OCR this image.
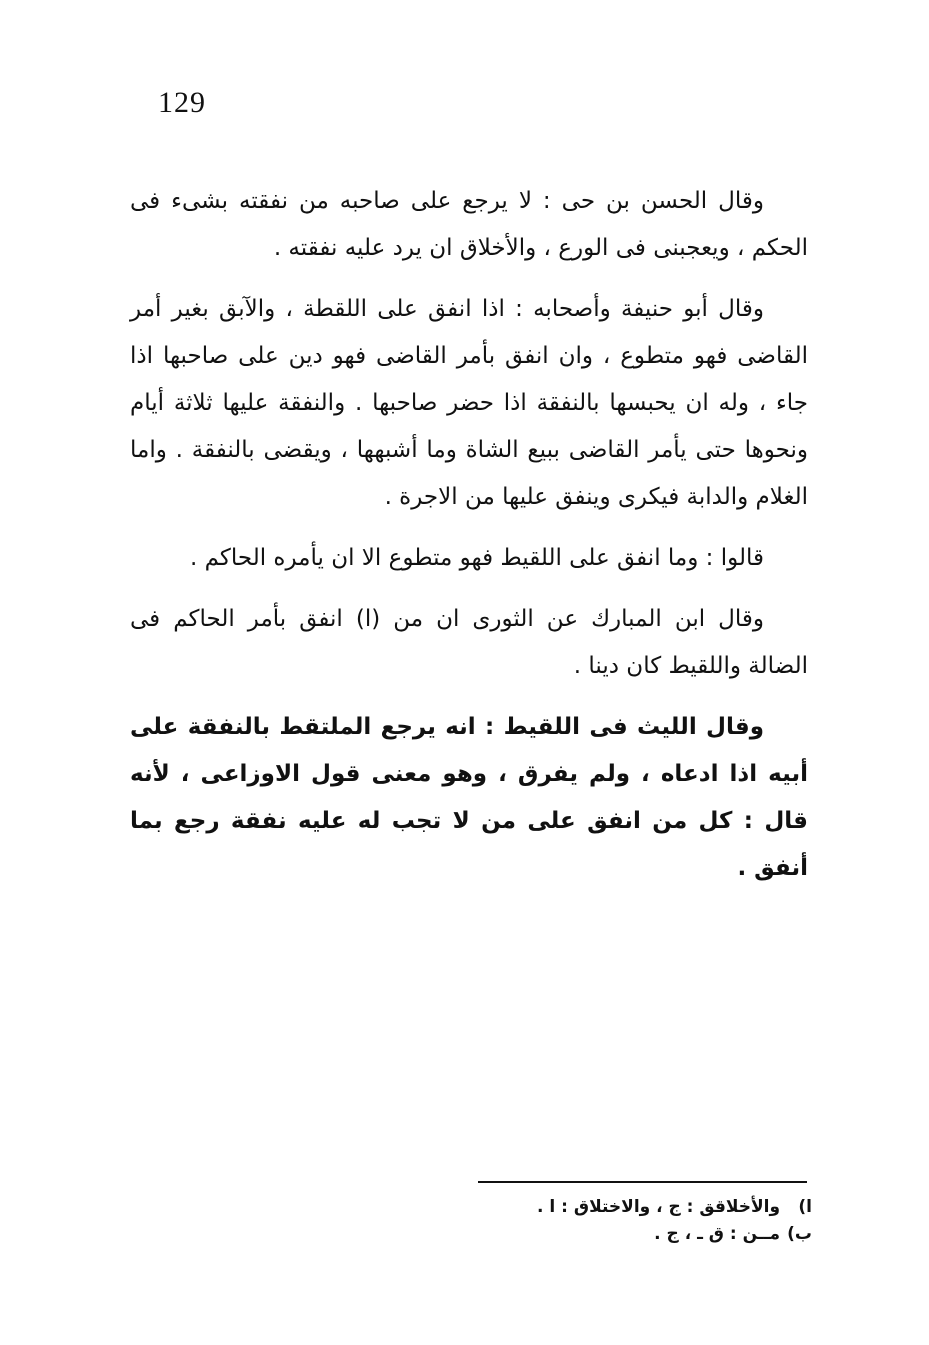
129

وقال الحسن بن حى : لا يرجع على صاحبه من نفقته بشىء فى الحكم ، ويعجبنى فى الورع ، والأخلاق ان يرد عليه نفقته .

وقال أبو حنيفة وأصحابه : اذا انفق على اللقطة ، والآبق بغير أمر القاضى فهو متطوع ، وان انفق بأمر القاضى فهو دين على صاحبها اذا جاء ، وله ان يحبسها بالنفقة اذا حضر صاحبها . والنفقة عليها ثلاثة أيام ونحوها حتى يأمر القاضى ببيع الشاة وما أشبهها ، ويقضى بالنفقة . واما الغلام والدابة فيكرى وينفق عليها من الاجرة .

قالوا : وما انفق على اللقيط فهو متطوع الا ان يأمره الحاكم .

وقال ابن المبارك عن الثورى ان من (ا) انفق بأمر الحاكم فى الضالة واللقيط كان دينا .

وقال الليث فى اللقيط : انه يرجع الملتقط بالنفقة على أبيه اذا ادعاه ، ولم يفرق ، وهو معنى قول الاوزاعى ، لأنه قال : كل من انفق على من لا تجب له عليه نفقة رجع بما أنفق .

ا) والأخلاقق : ج ، والاختلاق : ا .

ب) مــن : ق ـ ، ج .
